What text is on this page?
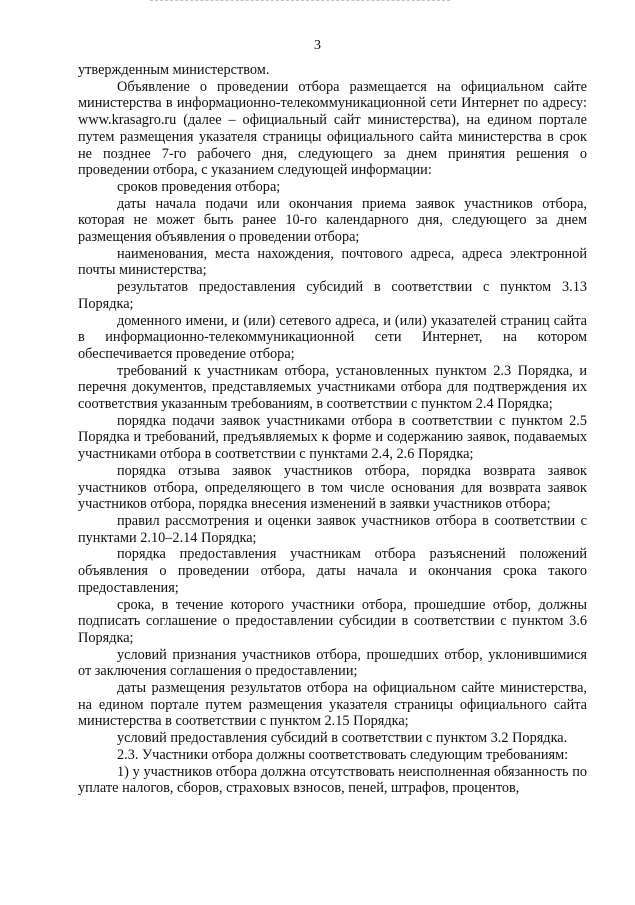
3

утвержденным министерством.

Объявление о проведении отбора размещается на официальном сайте министерства в информационно-телекоммуникационной сети Интернет по адресу: www.krasagro.ru (далее – официальный сайт министерства), на едином портале путем размещения указателя страницы официального сайта министерства в срок не позднее 7-го рабочего дня, следующего за днем принятия решения о проведении отбора, с указанием следующей информации:

сроков проведения отбора;

даты начала подачи или окончания приема заявок участников отбора, которая не может быть ранее 10-го календарного дня, следующего за днем размещения объявления о проведении отбора;

наименования, места нахождения, почтового адреса, адреса электронной почты министерства;

результатов предоставления субсидий в соответствии с пунктом 3.13 Порядка;

доменного имени, и (или) сетевого адреса, и (или) указателей страниц сайта в информационно-телекоммуникационной сети Интернет, на котором обеспечивается проведение отбора;

требований к участникам отбора, установленных пунктом 2.3 Порядка, и перечня документов, представляемых участниками отбора для подтверждения их соответствия указанным требованиям, в соответствии с пунктом 2.4 Порядка;

порядка подачи заявок участниками отбора в соответствии с пунктом 2.5 Порядка и требований, предъявляемых к форме и содержанию заявок, подаваемых участниками отбора в соответствии с пунктами 2.4, 2.6 Порядка;

порядка отзыва заявок участников отбора, порядка возврата заявок участников отбора, определяющего в том числе основания для возврата заявок участников отбора, порядка внесения изменений в заявки участников отбора;

правил рассмотрения и оценки заявок участников отбора в соответствии с пунктами 2.10–2.14 Порядка;

порядка предоставления участникам отбора разъяснений положений объявления о проведении отбора, даты начала и окончания срока такого предоставления;

срока, в течение которого участники отбора, прошедшие отбор, должны подписать соглашение о предоставлении субсидии в соответствии с пунктом 3.6 Порядка;

условий признания участников отбора, прошедших отбор, уклонившимися от заключения соглашения о предоставлении;

даты размещения результатов отбора на официальном сайте министерства, на едином портале путем размещения указателя страницы официального сайта министерства в соответствии с пунктом 2.15 Порядка;

условий предоставления субсидий в соответствии с пунктом 3.2 Порядка.

2.3. Участники отбора должны соответствовать следующим требованиям:

1) у участников отбора должна отсутствовать неисполненная обязанность по уплате налогов, сборов, страховых взносов, пеней, штрафов, процентов,
